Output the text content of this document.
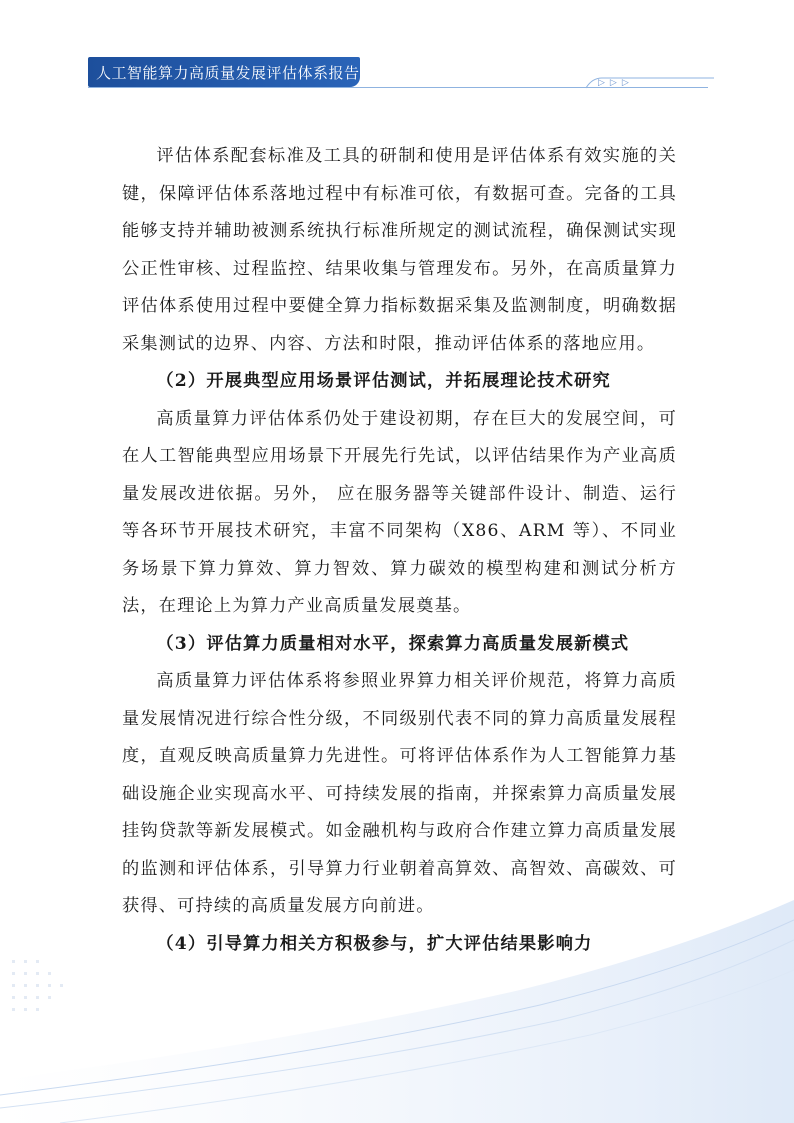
人工智能算力高质量发展评估体系报告
▷▷▷

评估体系配套标准及工具的研制和使用是评估体系有效实施的关键，保障评估体系落地过程中有标准可依，有数据可查。完备的工具能够支持并辅助被测系统执行标准所规定的测试流程，确保测试实现公正性审核、过程监控、结果收集与管理发布。另外，在高质量算力评估体系使用过程中要健全算力指标数据采集及监测制度，明确数据采集测试的边界、内容、方法和时限，推动评估体系的落地应用。

（2）开展典型应用场景评估测试，并拓展理论技术研究

高质量算力评估体系仍处于建设初期，存在巨大的发展空间，可在人工智能典型应用场景下开展先行先试，以评估结果作为产业高质量发展改进依据。另外， 应在服务器等关键部件设计、制造、运行等各环节开展技术研究，丰富不同架构（X86、ARM 等）、不同业务场景下算力算效、算力智效、算力碳效的模型构建和测试分析方法，在理论上为算力产业高质量发展奠基。

（3）评估算力质量相对水平，探索算力高质量发展新模式

高质量算力评估体系将参照业界算力相关评价规范，将算力高质量发展情况进行综合性分级，不同级别代表不同的算力高质量发展程度，直观反映高质量算力先进性。可将评估体系作为人工智能算力基础设施企业实现高水平、可持续发展的指南，并探索算力高质量发展挂钩贷款等新发展模式。如金融机构与政府合作建立算力高质量发展的监测和评估体系，引导算力行业朝着高算效、高智效、高碳效、可获得、可持续的高质量发展方向前进。

（4）引导算力相关方积极参与，扩大评估结果影响力
